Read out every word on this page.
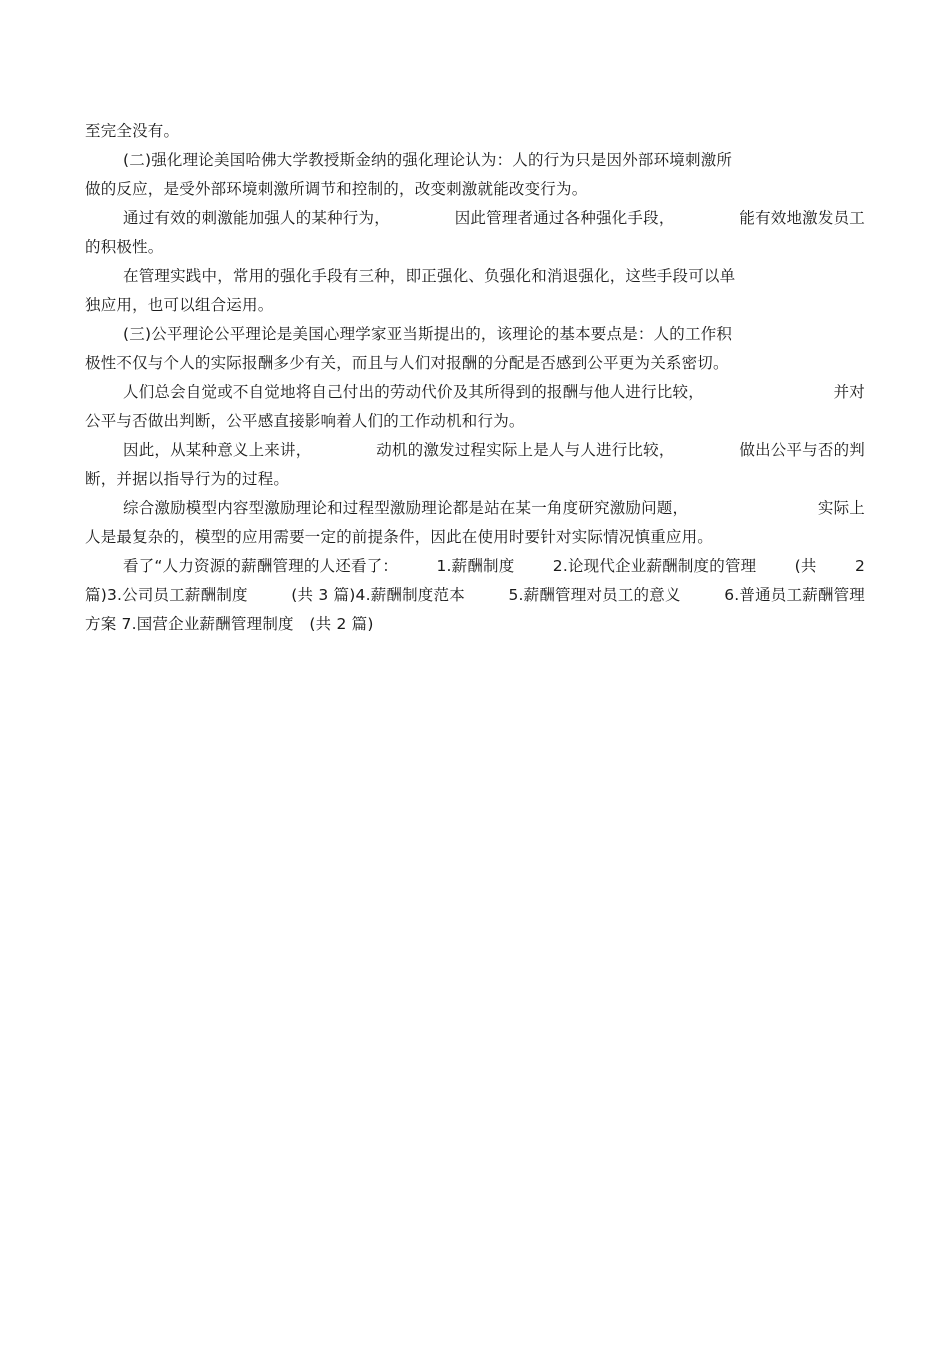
至完全没有。
(二)强化理论美国哈佛大学教授斯金纳的强化理论认为：人的行为只是因外部环境刺激所
做的反应，是受外部环境刺激所调节和控制的，改变刺激就能改变行为。
通过有效的刺激能加强人的某种行为，	因此管理者通过各种强化手段，	能有效地激发员工
的积极性。
在管理实践中，常用的强化手段有三种，即正强化、负强化和消退强化，这些手段可以单
独应用，也可以组合运用。
(三)公平理论公平理论是美国心理学家亚当斯提出的，该理论的基本要点是：人的工作积
极性不仅与个人的实际报酬多少有关，而且与人们对报酬的分配是否感到公平更为关系密切。
人们总会自觉或不自觉地将自己付出的劳动代价及其所得到的报酬与他人进行比较，	并对
公平与否做出判断，公平感直接影响着人们的工作动机和行为。
因此，从某种意义上来讲，	动机的激发过程实际上是人与人进行比较，	做出公平与否的判
断，并据以指导行为的过程。
综合激励模型内容型激励理论和过程型激励理论都是站在某一角度研究激励问题，	实际上
人是最复杂的，模型的应用需要一定的前提条件，因此在使用时要针对实际情况慎重应用。
看了“人力资源的薪酬管理的人还看了： 1.薪酬制度 2.论现代企业薪酬制度的管理 (共 2
篇)3.公司员工薪酬制度	(共 3 篇)4.薪酬制度范本	5.薪酬管理对员工的意义	6.普通员工薪酬管理
方案 7.国营企业薪酬管理制度　(共 2 篇)
